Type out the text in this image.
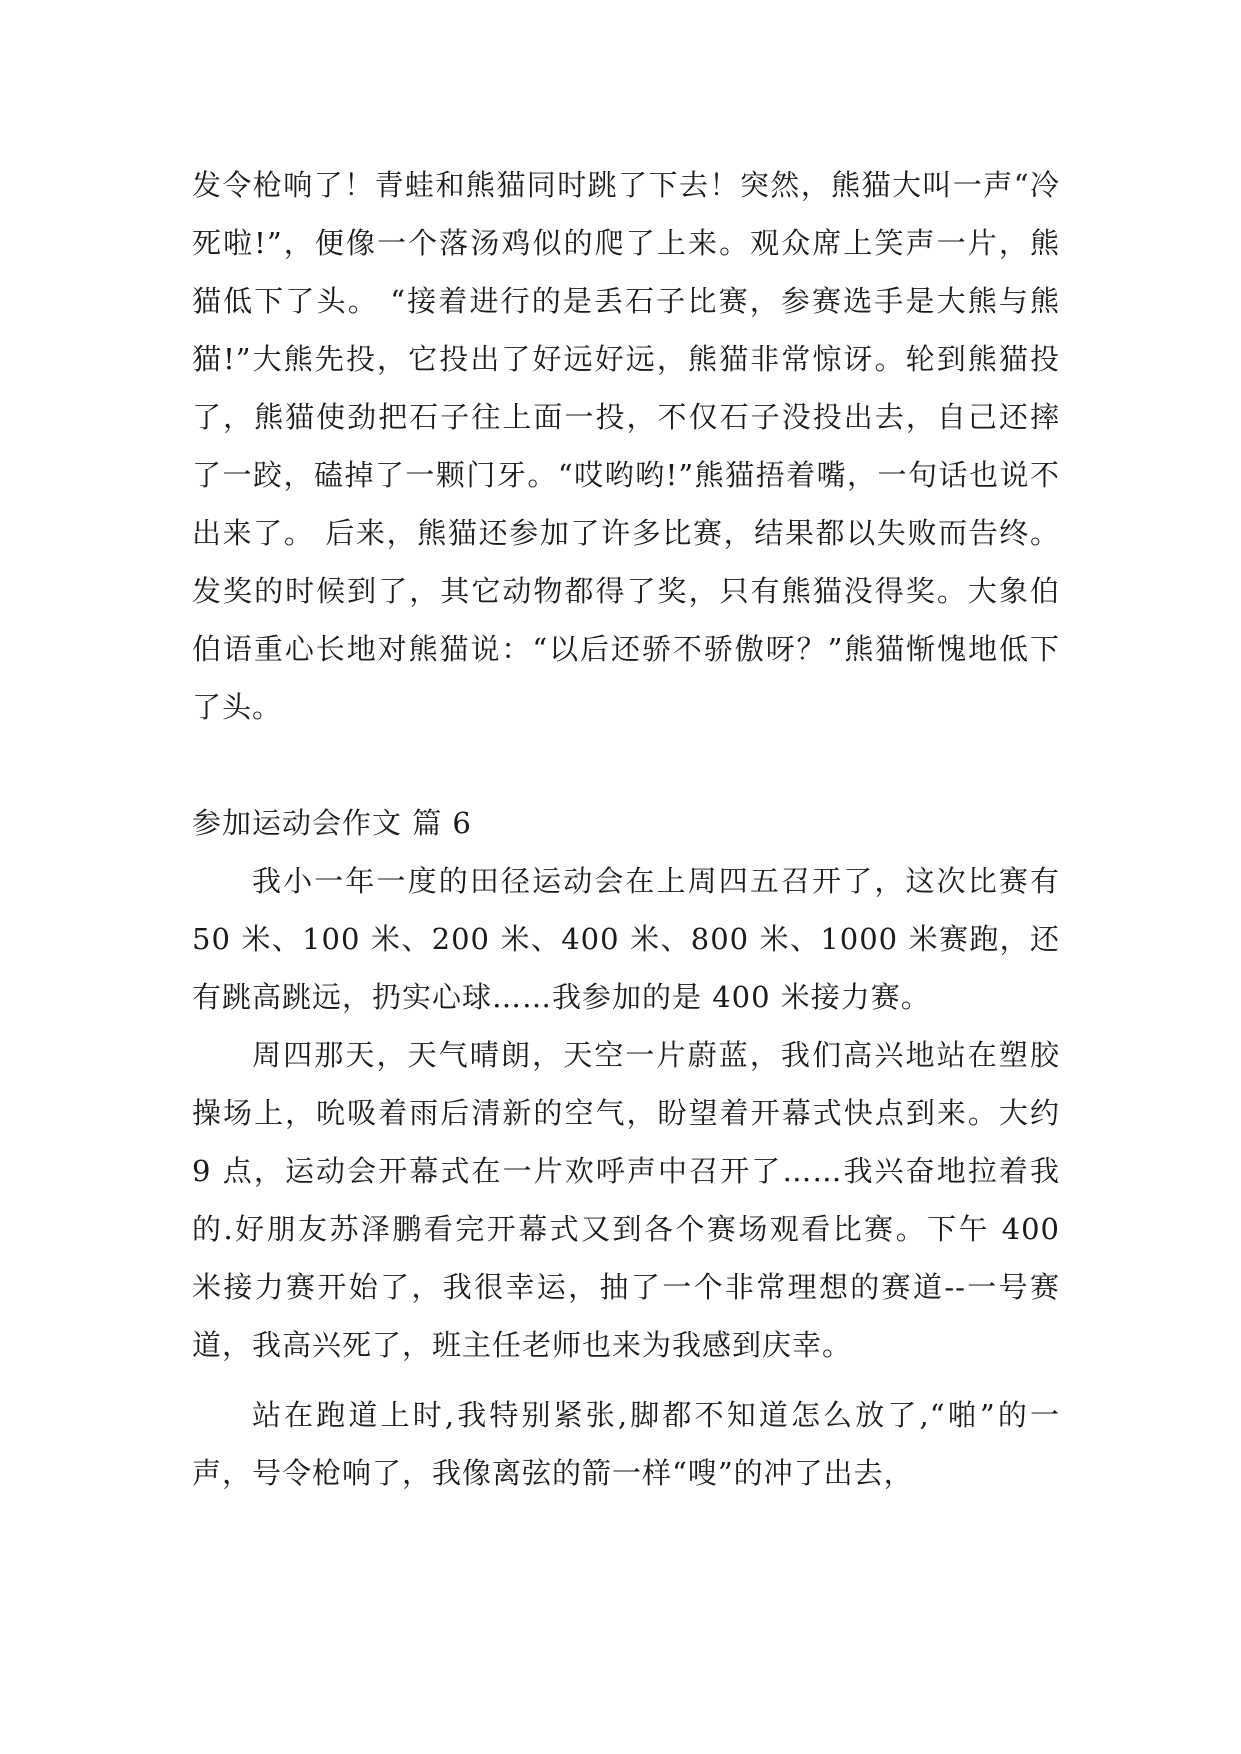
发令枪响了！青蛙和熊猫同时跳了下去！突然，熊猫大叫一声“冷死啦!”，便像一个落汤鸡似的爬了上来。观众席上笑声一片，熊猫低下了头。 “接着进行的是丢石子比赛，参赛选手是大熊与熊猫!”大熊先投，它投出了好远好远，熊猫非常惊讶。轮到熊猫投了，熊猫使劲把石子往上面一投，不仅石子没投出去，自己还摔了一跤，磕掉了一颗门牙。“哎哟哟!”熊猫捂着嘴，一句话也说不出来了。 后来，熊猫还参加了许多比赛，结果都以失败而告终。 发奖的时候到了，其它动物都得了奖，只有熊猫没得奖。大象伯伯语重心长地对熊猫说：“以后还骄不骄傲呀？”熊猫惭愧地低下了头。

参加运动会作文 篇 6

我小一年一度的田径运动会在上周四五召开了，这次比赛有 50 米、100 米、200 米、400 米、800 米、1000 米赛跑，还有跳高跳远，扔实心球……我参加的是 400 米接力赛。

周四那天，天气晴朗，天空一片蔚蓝，我们高兴地站在塑胶操场上，吮吸着雨后清新的空气，盼望着开幕式快点到来。大约 9 点，运动会开幕式在一片欢呼声中召开了……我兴奋地拉着我的.好朋友苏泽鹏看完开幕式又到各个赛场观看比赛。下午 400 米接力赛开始了，我很幸运，抽了一个非常理想的赛道--一号赛道，我高兴死了，班主任老师也来为我感到庆幸。

站在跑道上时,我特别紧张,脚都不知道怎么放了,“啪”的一声，号令枪响了，我像离弦的箭一样“嗖”的冲了出去，
